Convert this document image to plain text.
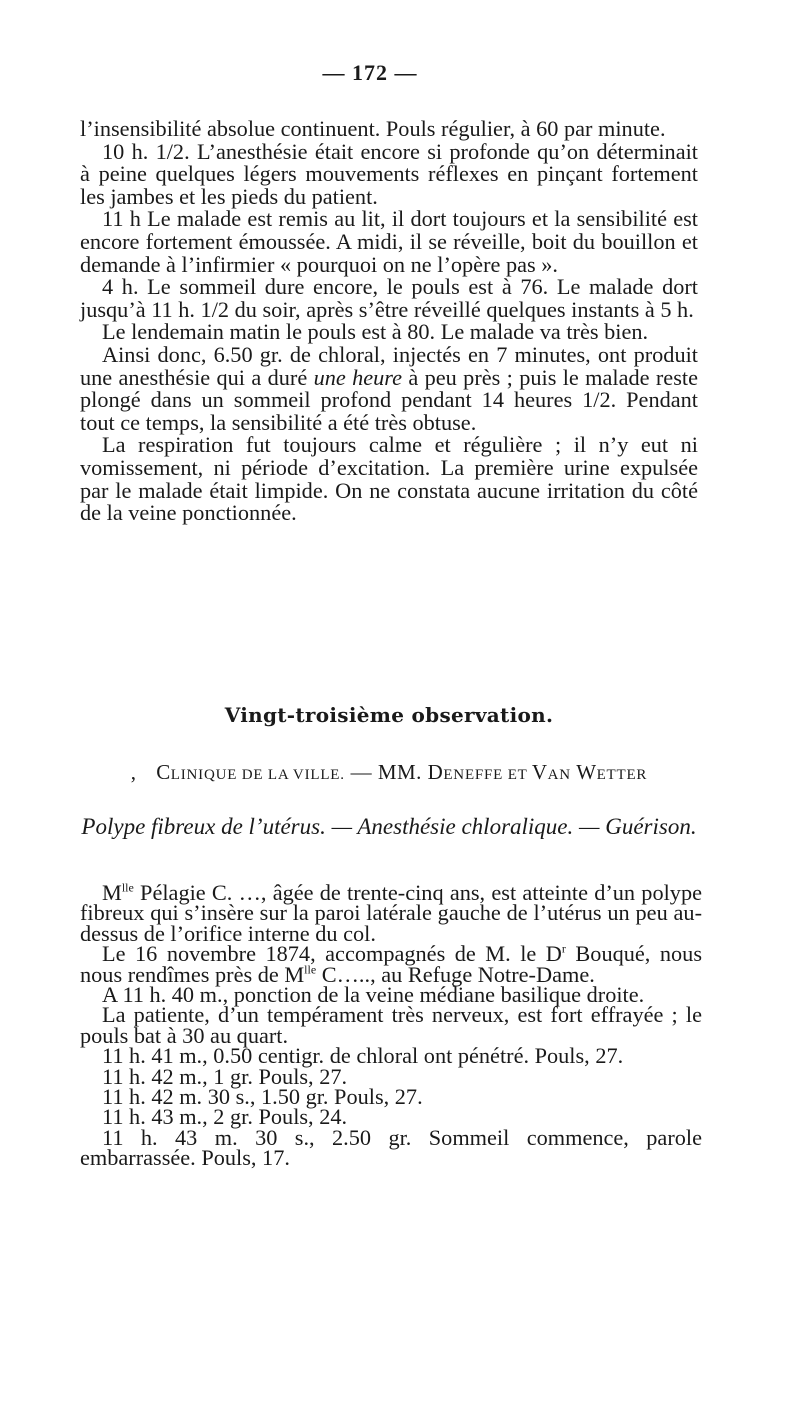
— 172 —

l’insensibilité absolue continuent. Pouls régulier, à 60 par minute.

10 h. 1/2. L’anesthésie était encore si profonde qu’on déterminait à peine quelques légers mouvements réflexes en pinçant fortement les jambes et les pieds du patient.

11 h Le malade est remis au lit, il dort toujours et la sensibilité est encore fortement émoussée. A midi, il se réveille, boit du bouillon et demande à l’infirmier « pourquoi on ne l’opère pas ».

4 h. Le sommeil dure encore, le pouls est à 76. Le malade dort jusqu’à 11 h. 1/2 du soir, après s’être réveillé quelques instants à 5 h.

Le lendemain matin le pouls est à 80. Le malade va très bien.

Ainsi donc, 6.50 gr. de chloral, injectés en 7 minutes, ont produit une anesthésie qui a duré une heure à peu près ; puis le malade reste plongé dans un sommeil profond pendant 14 heures 1/2. Pendant tout ce temps, la sensibilité a été très obtuse.

La respiration fut toujours calme et régulière ; il n’y eut ni vomissement, ni période d’excitation. La première urine expulsée par le malade était limpide. On ne constata aucune irritation du côté de la veine ponctionnée.

Vingt-troisième observation.
, CLINIQUE DE LA VILLE. — MM. DENEFFE ET VAN WETTER
Polype fibreux de l’utérus. — Anesthésie chloralique. — Guérison.

$M^{lle}$ Pélagie C. …, âgée de trente-cinq ans, est atteinte d’un polype fibreux qui s’insère sur la paroi latérale gauche de l’utérus un peu au-dessus de l’orifice interne du col.

Le 16 novembre 1874, accompagnés de M. le $D^r$ Bouqué, nous nous rendîmes près de $M^{lle}$ C….., au Refuge Notre-Dame.

A 11 h. 40 m., ponction de la veine médiane basilique droite.

La patiente, d’un tempérament très nerveux, est fort effrayée ; le pouls bat à 30 au quart.

11 h. 41 m., 0.50 centigr. de chloral ont pénétré. Pouls, 27.

11 h. 42 m., 1 gr. Pouls, 27.

11 h. 42 m. 30 s., 1.50 gr. Pouls, 27.

11 h. 43 m., 2 gr. Pouls, 24.

11 h. 43 m. 30 s., 2.50 gr. Sommeil commence, parole embarrassée. Pouls, 17.
